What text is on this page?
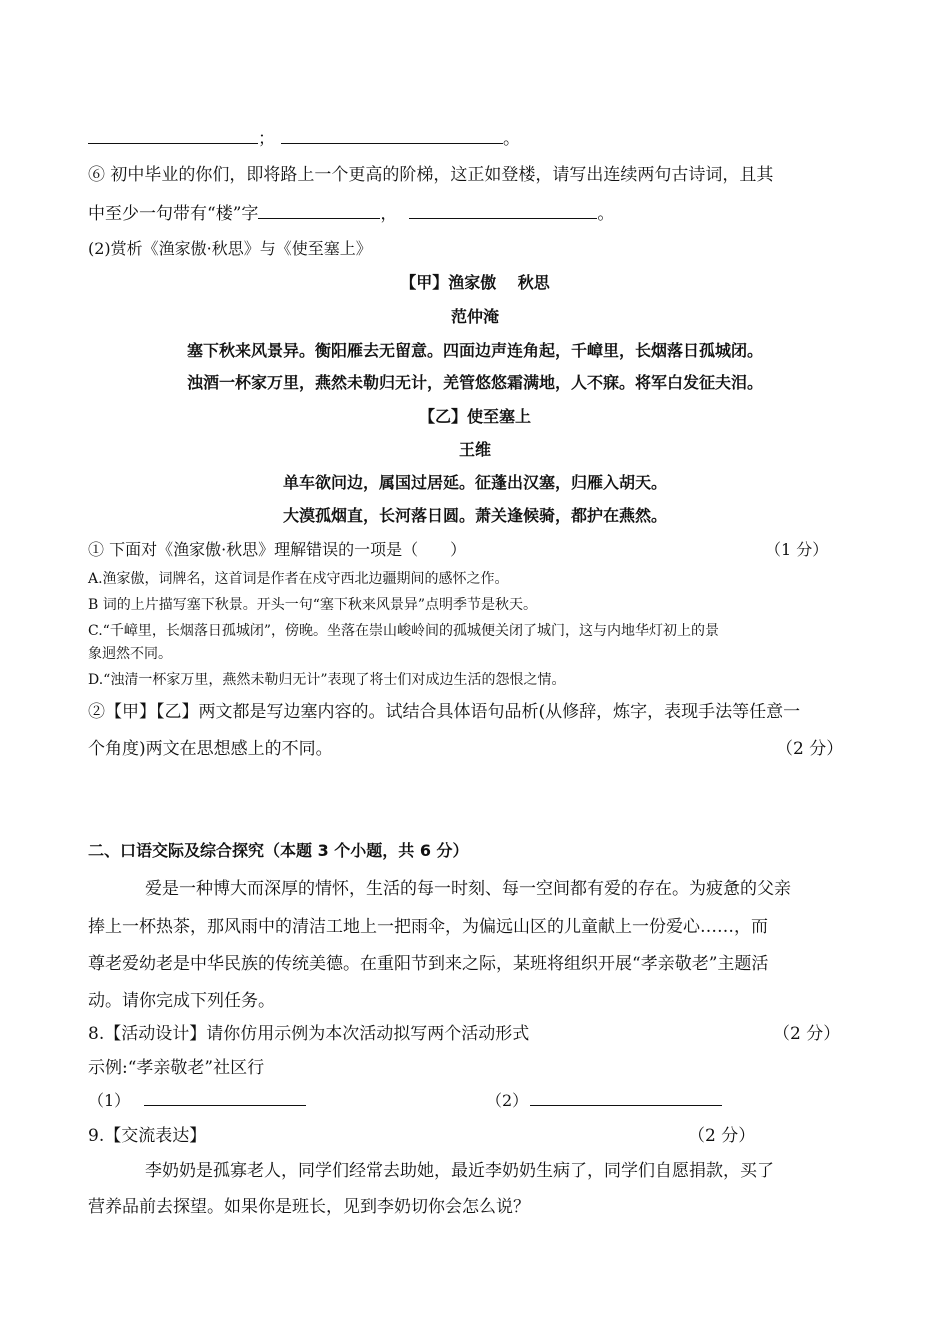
；	。
⑥ 初中毕业的你们，即将路上一个更高的阶梯，这正如登楼，请写出连续两句古诗词，且其
中至少一句带有“楼”字	，	。
(2)赏析《渔家傲·秋思》与《使至塞上》
【甲】渔家傲　 秋思
范仲淹
塞下秋来风景异。衡阳雁去无留意。四面边声连角起，千嶂里，长烟落日孤城闭。
浊酒一杯家万里，燕然未勒归无计，羌管悠悠霜满地，人不寐。将军白发征夫泪。
【乙】使至塞上
王维
单车欲问边，属国过居延。征蓬出汉塞，归雁入胡天。
大漠孤烟直，长河落日圆。萧关逢候骑，都护在燕然。
① 下面对《渔家傲·秋思》理解错误的一项是（　　）	（1 分）
A.渔家傲，词牌名，这首词是作者在戍守西北边疆期间的感怀之作。
B 词的上片描写塞下秋景。开头一句“塞下秋来风景异”点明季节是秋天。
C.“千嶂里，长烟落日孤城闭”，傍晚。坐落在崇山峻岭间的孤城便关闭了城门，这与内地华灯初上的景
象迥然不同。
D.“浊清一杯家万里，燕然未勒归无计”表现了将士们对成边生活的怨恨之情。
②【甲】【乙】两文都是写边塞内容的。试结合具体语句品析(从修辞，炼字，表现手法等任意一
个角度)两文在思想感上的不同。	（2 分）
二、口语交际及综合探究（本题 3 个小题，共 6 分）
爱是一种博大而深厚的情怀，生活的每一时刻、每一空间都有爱的存在。为疲惫的父亲
捧上一杯热茶，那风雨中的清洁工地上一把雨伞，为偏远山区的儿童献上一份爱心……，而
尊老爱幼老是中华民族的传统美德。在重阳节到来之际，某班将组织开展“孝亲敬老”主题活
动。请你完成下列任务。
8.【活动设计】请你仿用示例为本次活动拟写两个活动形式	（2 分）
示例:“孝亲敬老”社区行
（1）	（2）
9.【交流表达】	（2 分）
李奶奶是孤寡老人，同学们经常去助她，最近李奶奶生病了，同学们自愿捐款，买了
营养品前去探望。如果你是班长，见到李奶切你会怎么说？
